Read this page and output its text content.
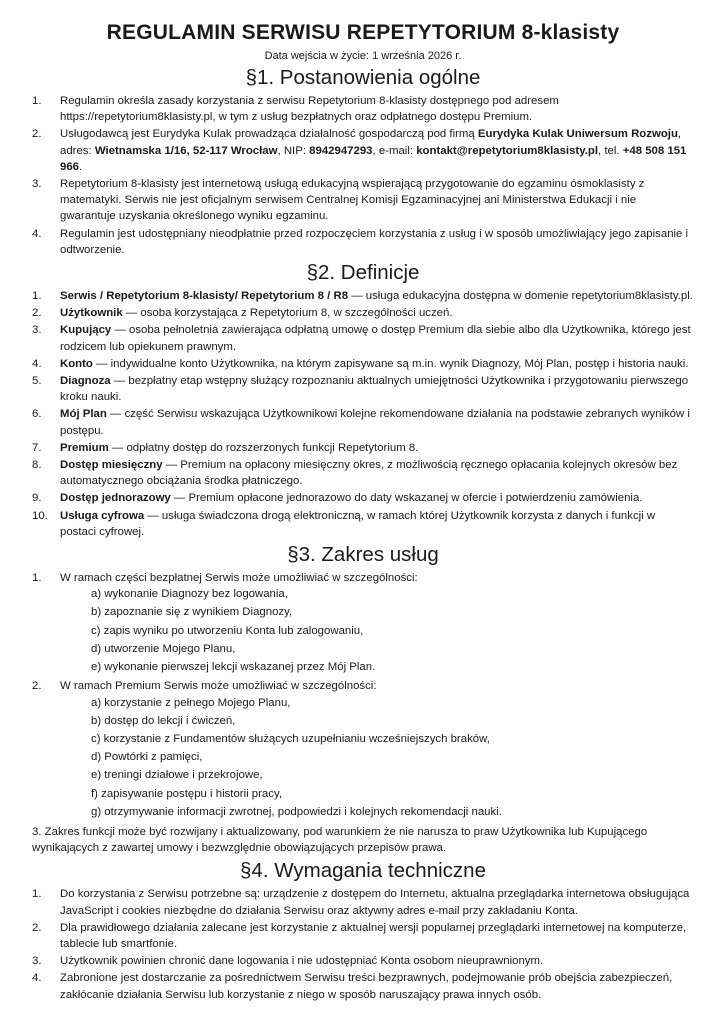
REGULAMIN SERWISU REPETYTORIUM 8-klasisty
Data wejścia w życie: 1 września 2026 r.
§1. Postanowienia ogólne
1.	Regulamin określa zasady korzystania z serwisu Repetytorium 8-klasisty dostępnego pod adresem https://repetytorium8klasisty.pl, w tym z usług bezpłatnych oraz odpłatnego dostępu Premium.
2.	Usługodawcą jest Eurydyka Kulak prowadząca działalność gospodarczą pod firmą Eurydyka Kulak Uniwersum Rozwoju, adres: Wietnamska 1/16, 52-117 Wrocław, NIP: 8942947293, e-mail: kontakt@repetytorium8klasisty.pl, tel. +48 508 151 966.
3.	Repetytorium 8-klasisty jest internetową usługą edukacyjną wspierającą przygotowanie do egzaminu ósmoklasisty z matematyki. Serwis nie jest oficjalnym serwisem Centralnej Komisji Egzaminacyjnej ani Ministerstwa Edukacji i nie gwarantuje uzyskania określonego wyniku egzaminu.
4.	Regulamin jest udostępniany nieodpłatnie przed rozpoczęciem korzystania z usług i w sposób umożliwiający jego zapisanie i odtworzenie.
§2. Definicje
1.	Serwis / Repetytorium 8-klasisty/ Repetytorium 8 / R8 — usługa edukacyjna dostępna w domenie repetytorium8klasisty.pl.
2.	Użytkownik — osoba korzystająca z Repetytorium 8, w szczególności uczeń.
3.	Kupujący — osoba pełnoletnia zawierająca odpłatną umowę o dostęp Premium dla siebie albo dla Użytkownika, którego jest rodzicem lub opiekunem prawnym.
4.	Konto — indywidualne konto Użytkownika, na którym zapisywane są m.in. wynik Diagnozy, Mój Plan, postęp i historia nauki.
5.	Diagnoza — bezpłatny etap wstępny służący rozpoznaniu aktualnych umiejętności Użytkownika i przygotowaniu pierwszego kroku nauki.
6.	Mój Plan — część Serwisu wskazująca Użytkownikowi kolejne rekomendowane działania na podstawie zebranych wyników i postępu.
7.	Premium — odpłatny dostęp do rozszerzonych funkcji Repetytorium 8.
8.	Dostęp miesięczny — Premium na opłacony miesięczny okres, z możliwością ręcznego opłacania kolejnych okresów bez automatycznego obciążania środka płatniczego.
9.	Dostęp jednorazowy — Premium opłacone jednorazowo do daty wskazanej w ofercie i potwierdzeniu zamówienia.
10.	Usługa cyfrowa — usługa świadczona drogą elektroniczną, w ramach której Użytkownik korzysta z danych i funkcji w postaci cyfrowej.
§3. Zakres usług
1.	W ramach części bezpłatnej Serwis może umożliwiać w szczególności:
a) wykonanie Diagnozy bez logowania,
b) zapoznanie się z wynikiem Diagnozy,
c) zapis wyniku po utworzeniu Konta lub zalogowaniu,
d) utworzenie Mojego Planu,
e) wykonanie pierwszej lekcji wskazanej przez Mój Plan.
2.	W ramach Premium Serwis może umożliwiać w szczególności:
a) korzystanie z pełnego Mojego Planu,
b) dostęp do lekcji i ćwiczeń,
c) korzystanie z Fundamentów służących uzupełnianiu wcześniejszych braków,
d) Powtórki z pamięci,
e) treningi działowe i przekrojowe,
f) zapisywanie postępu i historii pracy,
g) otrzymywanie informacji zwrotnej, podpowiedzi i kolejnych rekomendacji nauki.
3. Zakres funkcji może być rozwijany i aktualizowany, pod warunkiem że nie narusza to praw Użytkownika lub Kupującego wynikających z zawartej umowy i bezwzględnie obowiązujących przepisów prawa.
§4. Wymagania techniczne
1.	Do korzystania z Serwisu potrzebne są: urządzenie z dostępem do Internetu, aktualna przeglądarka internetowa obsługująca JavaScript i cookies niezbędne do działania Serwisu oraz aktywny adres e-mail przy zakładaniu Konta.
2.	Dla prawidłowego działania zalecane jest korzystanie z aktualnej wersji popularnej przeglądarki internetowej na komputerze, tablecie lub smartfonie.
3.	Użytkownik powinien chronić dane logowania i nie udostępniać Konta osobom nieuprawnionym.
4.	Zabronione jest dostarczanie za pośrednictwem Serwisu treści bezprawnych, podejmowanie prób obejścia zabezpieczeń, zakłócanie działania Serwisu lub korzystanie z niego w sposób naruszający prawa innych osób.
